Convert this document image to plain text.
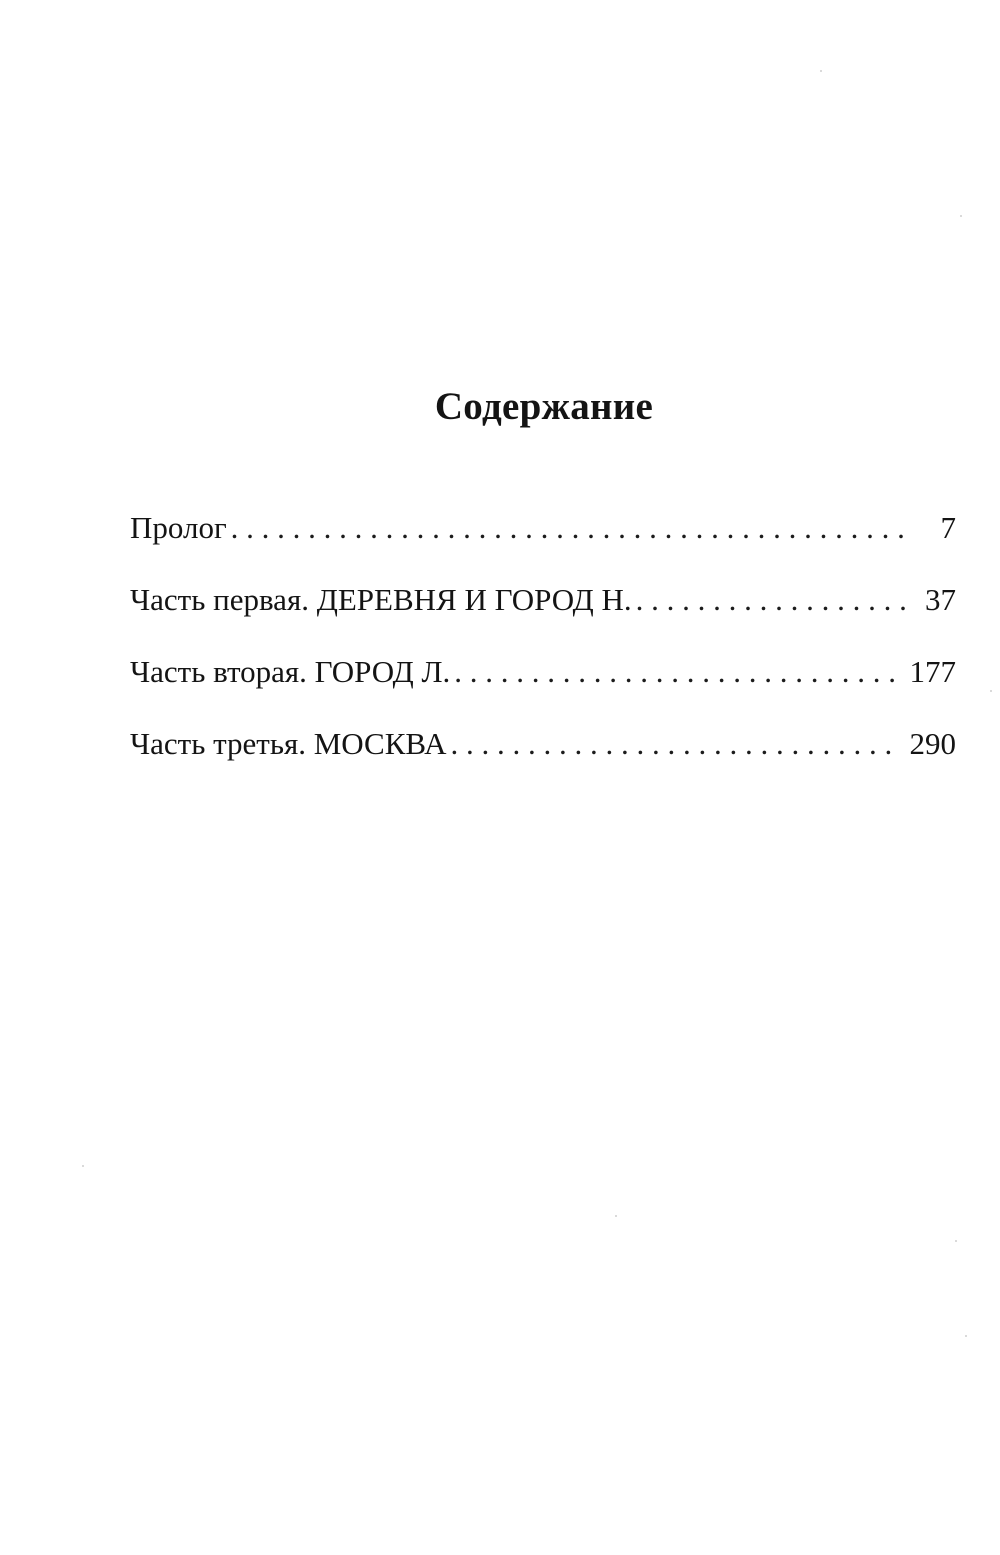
Содержание
Пролог . . .	7
Часть первая. ДЕРЕВНЯ И ГОРОД Н. . . .	37
Часть вторая. ГОРОД Л. . . .	177
Часть третья. МОСКВА . . .	290
